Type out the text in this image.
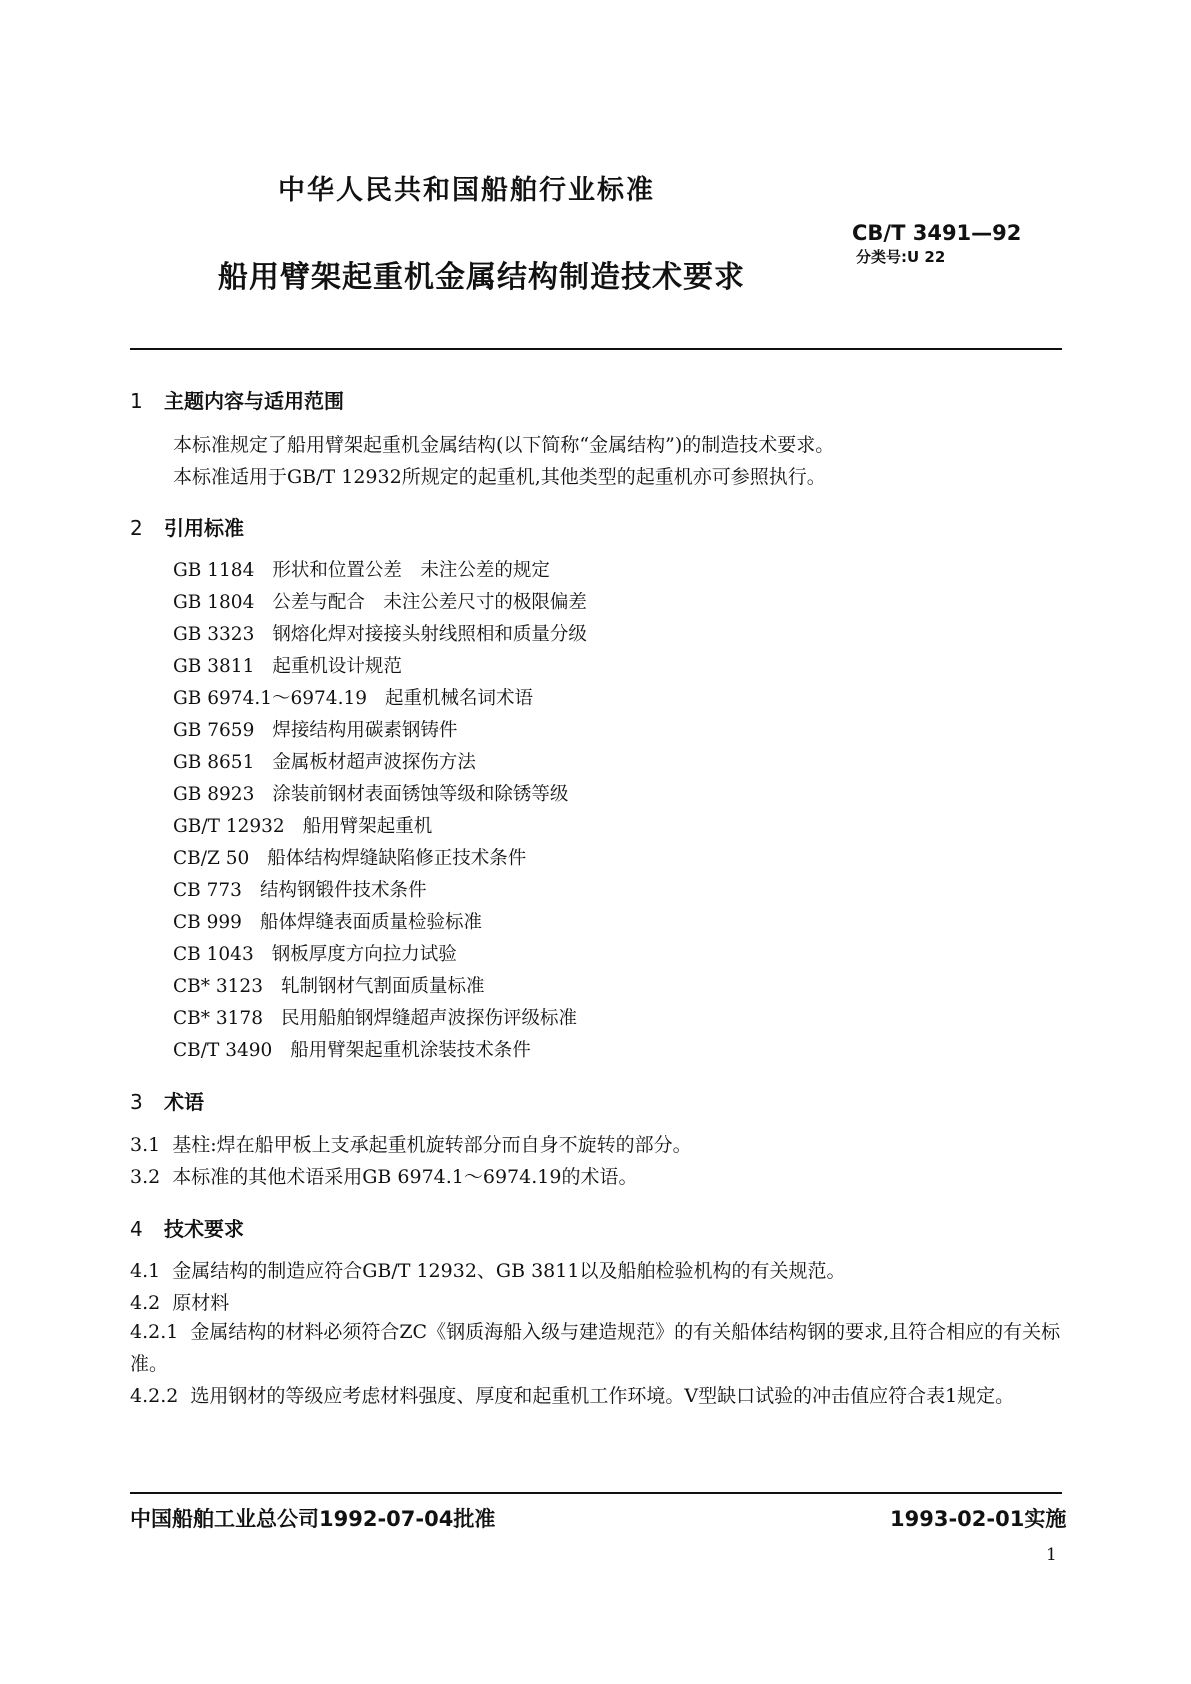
中华人民共和国船舶行业标准
CB/T 3491—92
分类号:U 22
船用臂架起重机金属结构制造技术要求
1 主题内容与适用范围
本标准规定了船用臂架起重机金属结构(以下简称“金属结构”)的制造技术要求。
本标准适用于GB/T 12932所规定的起重机,其他类型的起重机亦可参照执行。
2 引用标准
GB 1184 形状和位置公差　未注公差的规定
GB 1804 公差与配合　未注公差尺寸的极限偏差
GB 3323 钢熔化焊对接接头射线照相和质量分级
GB 3811 起重机设计规范
GB 6974.1～6974.19 起重机械名词术语
GB 7659 焊接结构用碳素钢铸件
GB 8651 金属板材超声波探伤方法
GB 8923 涂装前钢材表面锈蚀等级和除锈等级
GB/T 12932 船用臂架起重机
CB/Z 50 船体结构焊缝缺陷修正技术条件
CB 773 结构钢锻件技术条件
CB 999 船体焊缝表面质量检验标准
CB 1043 钢板厚度方向拉力试验
CB* 3123 轧制钢材气割面质量标准
CB* 3178 民用船舶钢焊缝超声波探伤评级标准
CB/T 3490 船用臂架起重机涂装技术条件
3 术语
3.1 基柱:焊在船甲板上支承起重机旋转部分而自身不旋转的部分。
3.2 本标准的其他术语采用GB 6974.1～6974.19的术语。
4 技术要求
4.1 金属结构的制造应符合GB/T 12932、GB 3811以及船舶检验机构的有关规范。
4.2 原材料
4.2.1 金属结构的材料必须符合ZC《钢质海船入级与建造规范》的有关船体结构钢的要求,且符合相应的有关标准。
4.2.2 选用钢材的等级应考虑材料强度、厚度和起重机工作环境。V型缺口试验的冲击值应符合表1规定。
中国船舶工业总公司1992-07-04批准	1993-02-01实施
1
